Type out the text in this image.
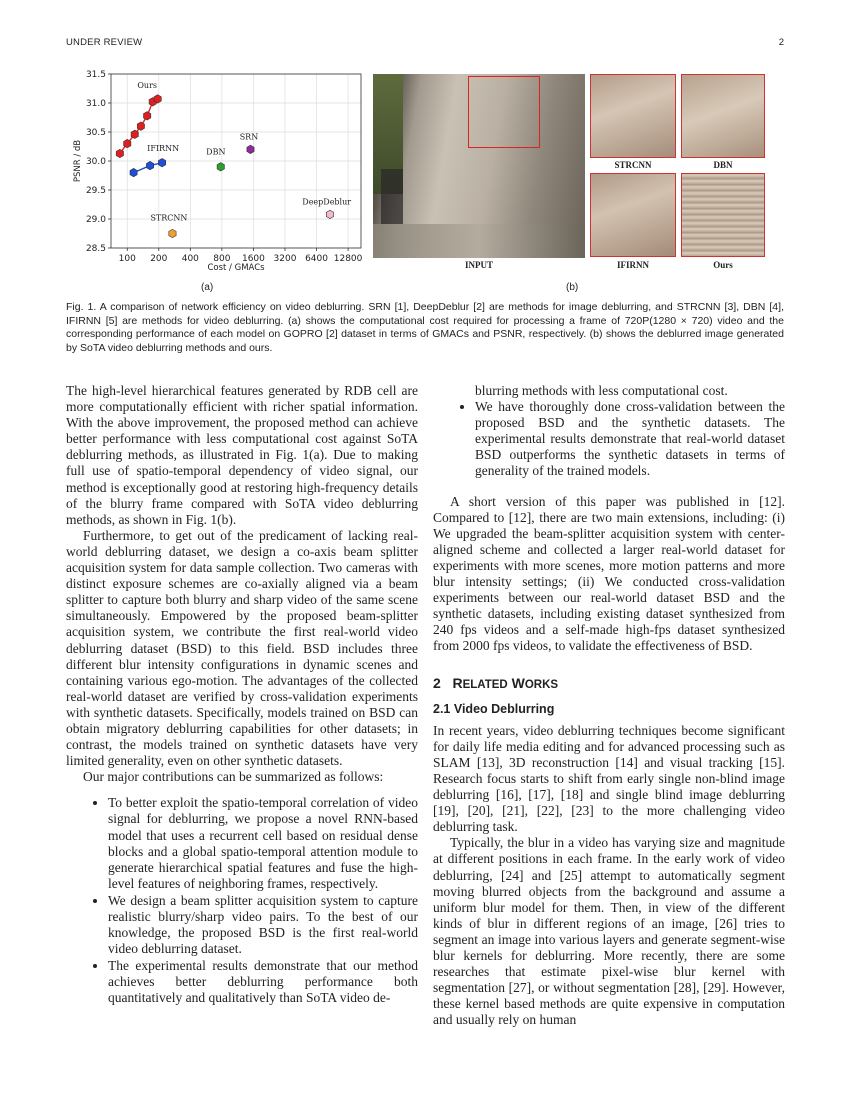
UNDER REVIEW	2
28.5
29.0
29.5
30.0
30.5
31.0
31.5
100 200 400 800 1600 3200 6400 12800
Cost / GMACs
PSNR / dB
Ours
IFIRNN	DBN
SRN
DeepDeblur
STRCNN
(a)
INPUT
STRCNN	DBN
IFIRNN	Ours
(b)
Fig. 1. A comparison of network efficiency on video deblurring. SRN [1], DeepDeblur [2] are methods for image deblurring, and STRCNN [3], DBN [4], IFIRNN [5] are methods for video deblurring. (a) shows the computational cost required for processing a frame of 720P(1280 × 720) video and the corresponding performance of each model on GOPRO [2] dataset in terms of GMACs and PSNR, respectively. (b) shows the deblurred image generated by SoTA video deblurring methods and ours.

The high-level hierarchical features generated by RDB cell are more computationally efficient with richer spatial information. With the above improvement, the proposed method can achieve better performance with less computational cost against SoTA deblurring methods, as illustrated in Fig. 1(a). Due to making full use of spatio-temporal dependency of video signal, our method is exceptionally good at restoring high-frequency details of the blurry frame compared with SoTA video deblurring methods, as shown in Fig. 1(b).

Furthermore, to get out of the predicament of lacking real-world deblurring dataset, we design a co-axis beam splitter acquisition system for data sample collection. Two cameras with distinct exposure schemes are co-axially aligned via a beam splitter to capture both blurry and sharp video of the same scene simultaneously. Empowered by the proposed beam-splitter acquisition system, we contribute the first real-world video deblurring dataset (BSD) to this field. BSD includes three different blur intensity configurations in dynamic scenes and containing various ego-motion. The advantages of the collected real-world dataset are verified by cross-validation experiments with synthetic datasets. Specifically, models trained on BSD can obtain migratory deblurring capabilities for other datasets; in contrast, the models trained on synthetic datasets have very limited generality, even on other synthetic datasets.

Our major contributions can be summarized as follows:

• To better exploit the spatio-temporal correlation of video signal for deblurring, we propose a novel RNN-based model that uses a recurrent cell based on residual dense blocks and a global spatio-temporal attention module to generate hierarchical spatial features and fuse the high-level features of neighboring frames, respectively.
• We design a beam splitter acquisition system to capture realistic blurry/sharp video pairs. To the best of our knowledge, the proposed BSD is the first real-world video deblurring dataset.
• The experimental results demonstrate that our method achieves better deblurring performance both quantitatively and qualitatively than SoTA video de-

blurring methods with less computational cost.

• We have thoroughly done cross-validation between the proposed BSD and the synthetic datasets. The experimental results demonstrate that real-world dataset BSD outperforms the synthetic datasets in terms of generality of the trained models.

A short version of this paper was published in [12]. Compared to [12], there are two main extensions, including: (i) We upgraded the beam-splitter acquisition system with center-aligned scheme and collected a larger real-world dataset for experiments with more scenes, more motion patterns and more blur intensity settings; (ii) We conducted cross-validation experiments between our real-world dataset BSD and the synthetic datasets, including existing dataset synthesized from 240 fps videos and a self-made high-fps dataset synthesized from 2000 fps videos, to validate the effectiveness of BSD.

2 RELATED WORKS
2.1 Video Deblurring

In recent years, video deblurring techniques become significant for daily life media editing and for advanced processing such as SLAM [13], 3D reconstruction [14] and visual tracking [15]. Research focus starts to shift from early single non-blind image deblurring [16], [17], [18] and single blind image deblurring [19], [20], [21], [22], [23] to the more challenging video deblurring task.

Typically, the blur in a video has varying size and magnitude at different positions in each frame. In the early work of video deblurring, [24] and [25] attempt to automatically segment moving blurred objects from the background and assume a uniform blur model for them. Then, in view of the different kinds of blur in different regions of an image, [26] tries to segment an image into various layers and generate segment-wise blur kernels for deblurring. More recently, there are some researches that estimate pixel-wise blur kernel with segmentation [27], or without segmentation [28], [29]. However, these kernel based methods are quite expensive in computation and usually rely on human
